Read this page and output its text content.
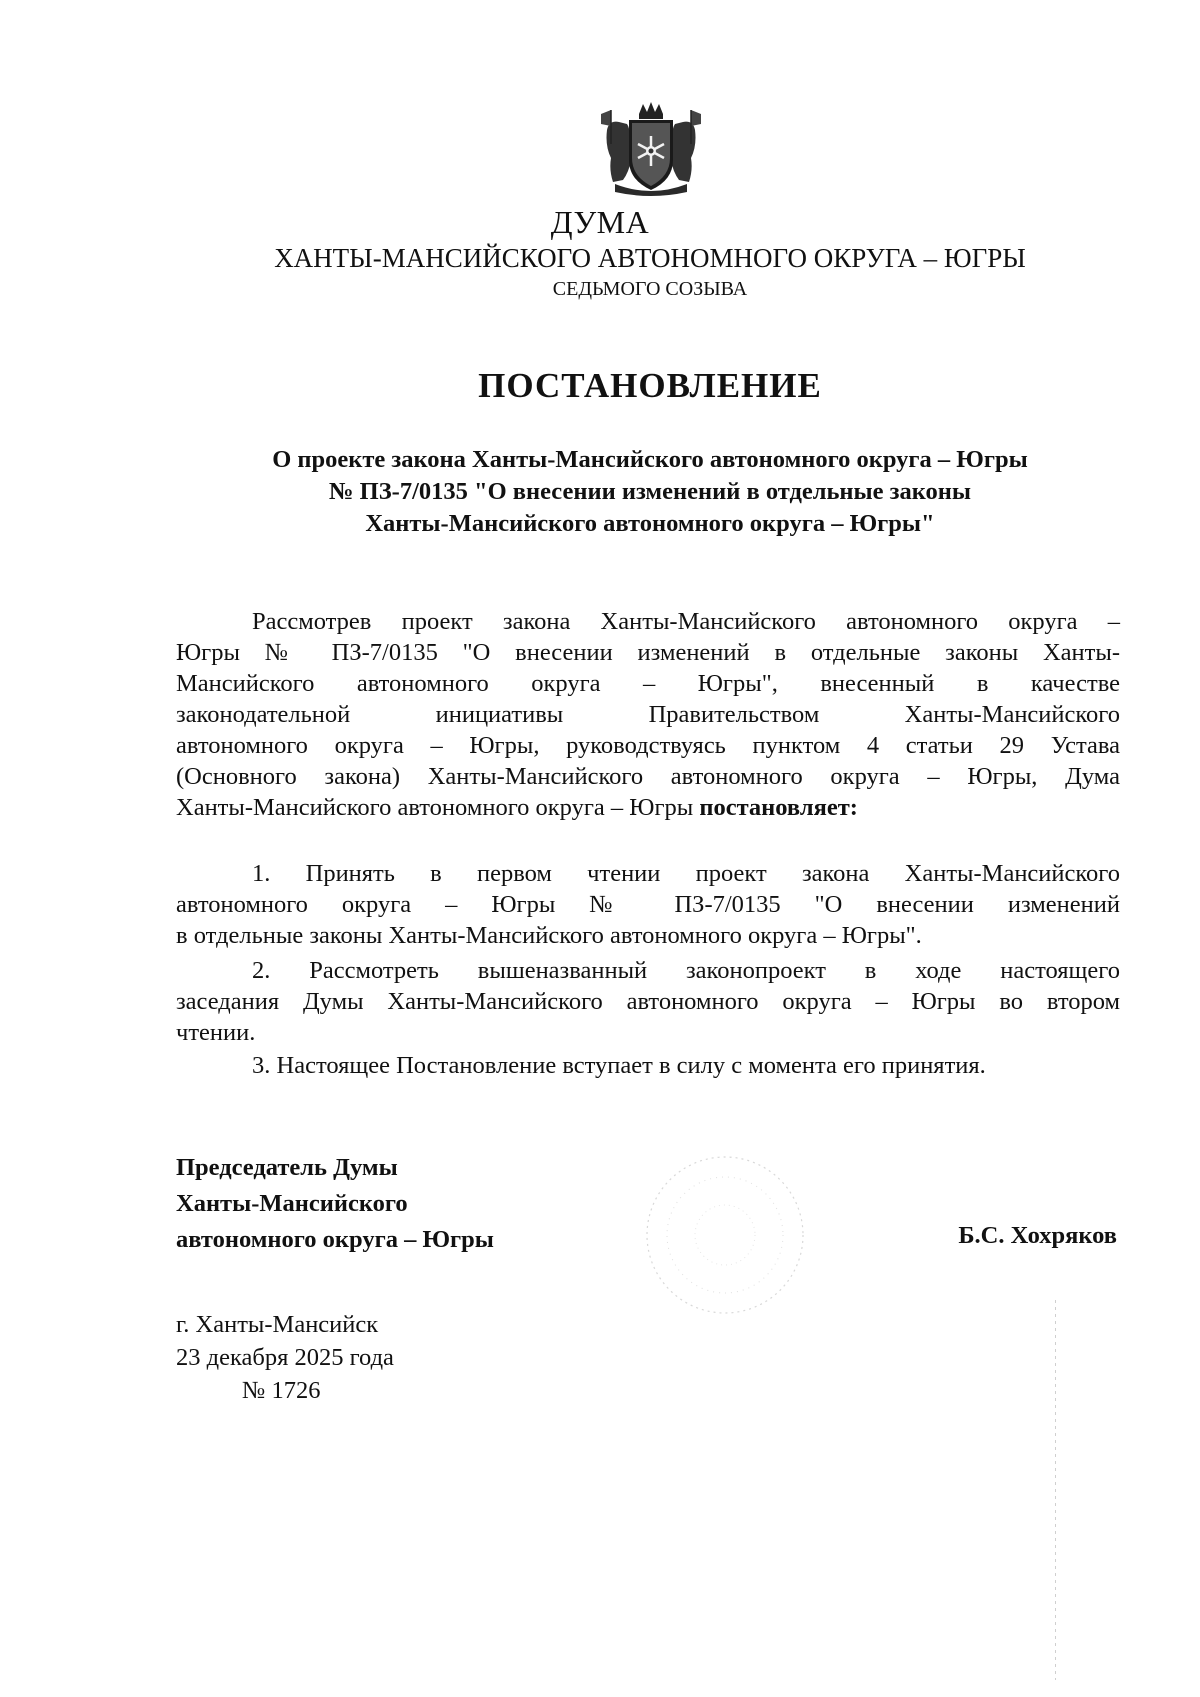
ДУМА
ХАНТЫ-МАНСИЙСКОГО АВТОНОМНОГО ОКРУГА – ЮГРЫ
СЕДЬМОГО СОЗЫВА
ПОСТАНОВЛЕНИЕ
О проекте закона Ханты-Мансийского автономного округа – Югры
№ ПЗ-7/0135 "О внесении изменений в отдельные законы
Ханты-Мансийского автономного округа – Югры"
Рассмотрев проект закона Ханты-Мансийского автономного округа –
Югры № ПЗ-7/0135 "О внесении изменений в отдельные законы Ханты-
Мансийского автономного округа – Югры", внесенный в качестве
законодательной инициативы Правительством Ханты-Мансийского
автономного округа – Югры, руководствуясь пунктом 4 статьи 29 Устава
(Основного закона) Ханты-Мансийского автономного округа – Югры, Дума
Ханты-Мансийского автономного округа – Югры постановляет:
1. Принять в первом чтении проект закона Ханты-Мансийского
автономного округа – Югры № ПЗ-7/0135 "О внесении изменений
в отдельные законы Ханты-Мансийского автономного округа – Югры".
2. Рассмотреть вышеназванный законопроект в ходе настоящего
заседания Думы Ханты-Мансийского автономного округа – Югры во втором
чтении.
3. Настоящее Постановление вступает в силу с момента его принятия.
Председатель Думы
Ханты-Мансийского
автономного округа – Югры	Б.С. Хохряков
г. Ханты-Мансийск
23 декабря 2025 года
№ 1726
